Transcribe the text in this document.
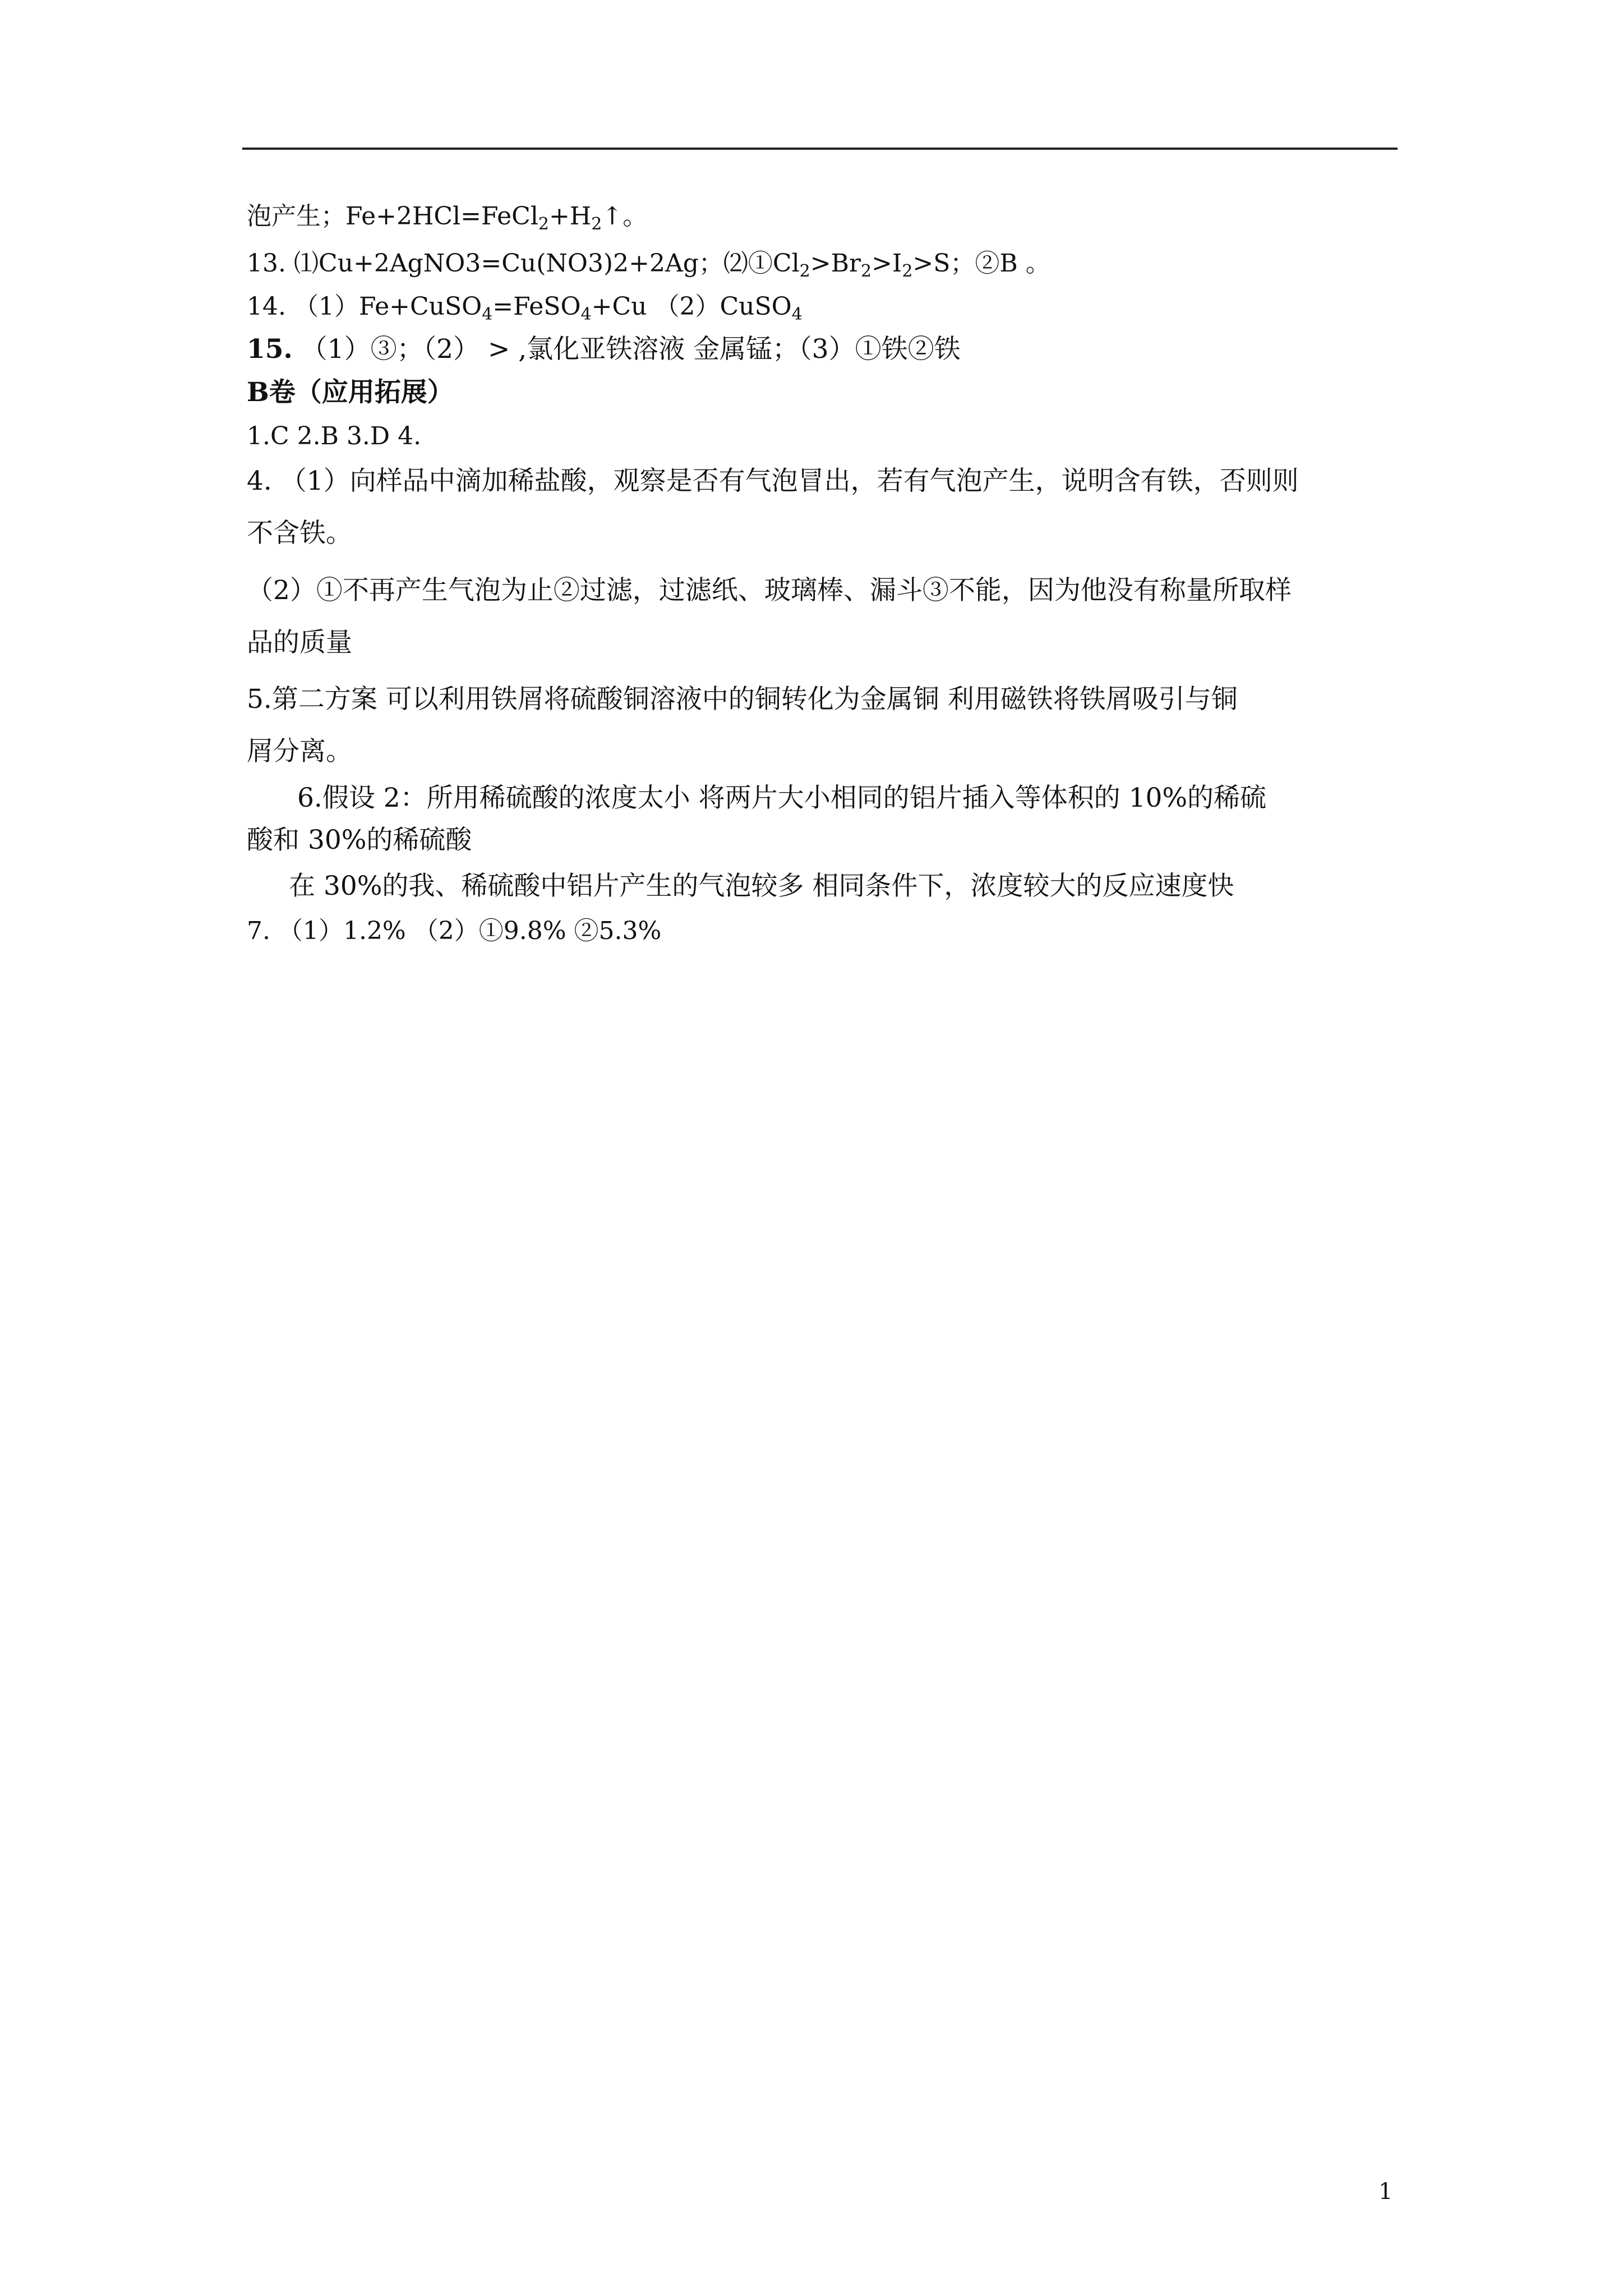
泡产生；$Fe+2HCl=FeCl_2+H_2↑$。
13. ⑴Cu+2AgNO3=Cu(NO3)2+2Ag；$⑵①Cl_2>Br_2>I_2>S$；②B 。
14. （1）Fe+CuSO$_4$=FeSO$_4$+Cu （2）CuSO$_4$
15. （1）③；（2） > ,氯化亚铁溶液 金属锰；（3）①铁②铁
B卷（应用拓展）
1.C 2.B 3.D 4.
4. （1）向样品中滴加稀盐酸，观察是否有气泡冒出，若有气泡产生，说明含有铁，否则则
不含铁。
（2）①不再产生气泡为止②过滤，过滤纸、玻璃棒、漏斗③不能，因为他没有称量所取样
品的质量
5.第二方案 可以利用铁屑将硫酸铜溶液中的铜转化为金属铜 利用磁铁将铁屑吸引与铜
屑分离。
6.假设 2：所用稀硫酸的浓度太小 将两片大小相同的铝片插入等体积的 10%的稀硫
酸和 30%的稀硫酸
在 30%的我、稀硫酸中铝片产生的气泡较多 相同条件下，浓度较大的反应速度快
7. （1）1.2% （2）①9.8% ②5.3%
1
